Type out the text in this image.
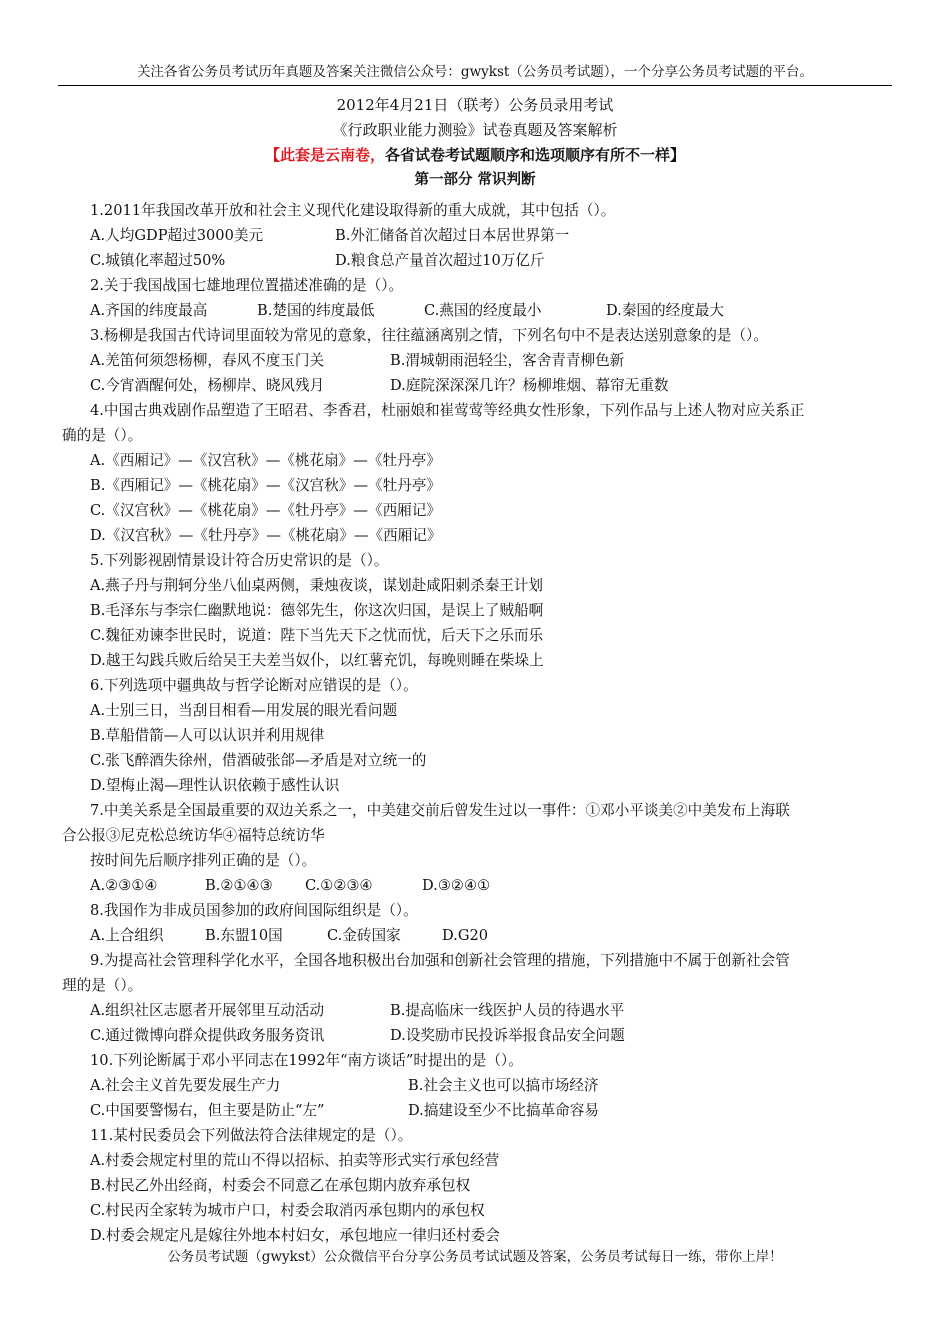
关注各省公务员考试历年真题及答案关注微信公众号：gwykst（公务员考试题），一个分享公务员考试题的平台。
2012年4月21日（联考）公务员录用考试
《行政职业能力测验》试卷真题及答案解析
【此套是云南卷，各省试卷考试题顺序和选项顺序有所不一样】
第一部分 常识判断
1.2011年我国改革开放和社会主义现代化建设取得新的重大成就，其中包括（）。
A.人均GDP超过3000美元	B.外汇储备首次超过日本居世界第一
C.城镇化率超过50%	D.粮食总产量首次超过10万亿斤
2.关于我国战国七雄地理位置描述准确的是（）。
A.齐国的纬度最高	B.楚国的纬度最低	C.燕国的经度最小	D.秦国的经度最大
3.杨柳是我国古代诗词里面较为常见的意象，往往蕴涵离别之情，下列名句中不是表达送别意象的是（）。
A.羌笛何须怨杨柳，春风不度玉门关	B.渭城朝雨浥轻尘，客舍青青柳色新
C.今宵酒醒何处，杨柳岸、晓风残月	D.庭院深深深几许？杨柳堆烟、幕帘无重数
4.中国古典戏剧作品塑造了王昭君、李香君，杜丽娘和崔莺莺等经典女性形象，下列作品与上述人物对应关系正
确的是（）。
A.《西厢记》—《汉宫秋》—《桃花扇》—《牡丹亭》
B.《西厢记》—《桃花扇》—《汉宫秋》—《牡丹亭》
C.《汉宫秋》—《桃花扇》—《牡丹亭》—《西厢记》
D.《汉宫秋》—《牡丹亭》—《桃花扇》—《西厢记》
5.下列影视剧情景设计符合历史常识的是（）。
A.燕子丹与荆轲分坐八仙桌两侧，秉烛夜谈，谋划赴咸阳刺杀秦王计划
B.毛泽东与李宗仁幽默地说：德邻先生，你这次归国，是误上了贼船啊
C.魏征劝谏李世民时，说道：陛下当先天下之忧而忧，后天下之乐而乐
D.越王勾践兵败后给吴王夫差当奴仆，以红薯充饥，每晚则睡在柴垛上
6.下列选项中疆典故与哲学论断对应错误的是（）。
A.士别三日，当刮目相看—用发展的眼光看问题
B.草船借箭—人可以认识并利用规律
C.张飞醉酒失徐州，借酒破张郃—矛盾是对立统一的
D.望梅止渴—理性认识依赖于感性认识
7.中美关系是全国最重要的双边关系之一，中美建交前后曾发生过以一事件：①邓小平谈美②中美发布上海联
合公报③尼克松总统访华④福特总统访华
按时间先后顺序排列正确的是（）。
A.②③①④	B.②①④③	C.①②③④	D.③②④①
8.我国作为非成员国参加的政府间国际组织是（）。
A.上合组织	B.东盟10国	C.金砖国家	D.G20
9.为提高社会管理科学化水平，全国各地积极出台加强和创新社会管理的措施，下列措施中不属于创新社会管
理的是（）。
A.组织社区志愿者开展邻里互动活动	B.提高临床一线医护人员的待遇水平
C.通过微博向群众提供政务服务资讯	D.设奖励市民投诉举报食品安全问题
10.下列论断属于邓小平同志在1992年“南方谈话”时提出的是（）。
A.社会主义首先要发展生产力	B.社会主义也可以搞市场经济
C.中国要警惕右，但主要是防止“左”	D.搞建设至少不比搞革命容易
11.某村民委员会下列做法符合法律规定的是（）。
A.村委会规定村里的荒山不得以招标、拍卖等形式实行承包经营
B.村民乙外出经商，村委会不同意乙在承包期内放弃承包权
C.村民丙全家转为城市户口，村委会取消丙承包期内的承包权
D.村委会规定凡是嫁往外地本村妇女，承包地应一律归还村委会
公务员考试题（gwykst）公众微信平台分享公务员考试试题及答案，公务员考试每日一练，带你上岸！
